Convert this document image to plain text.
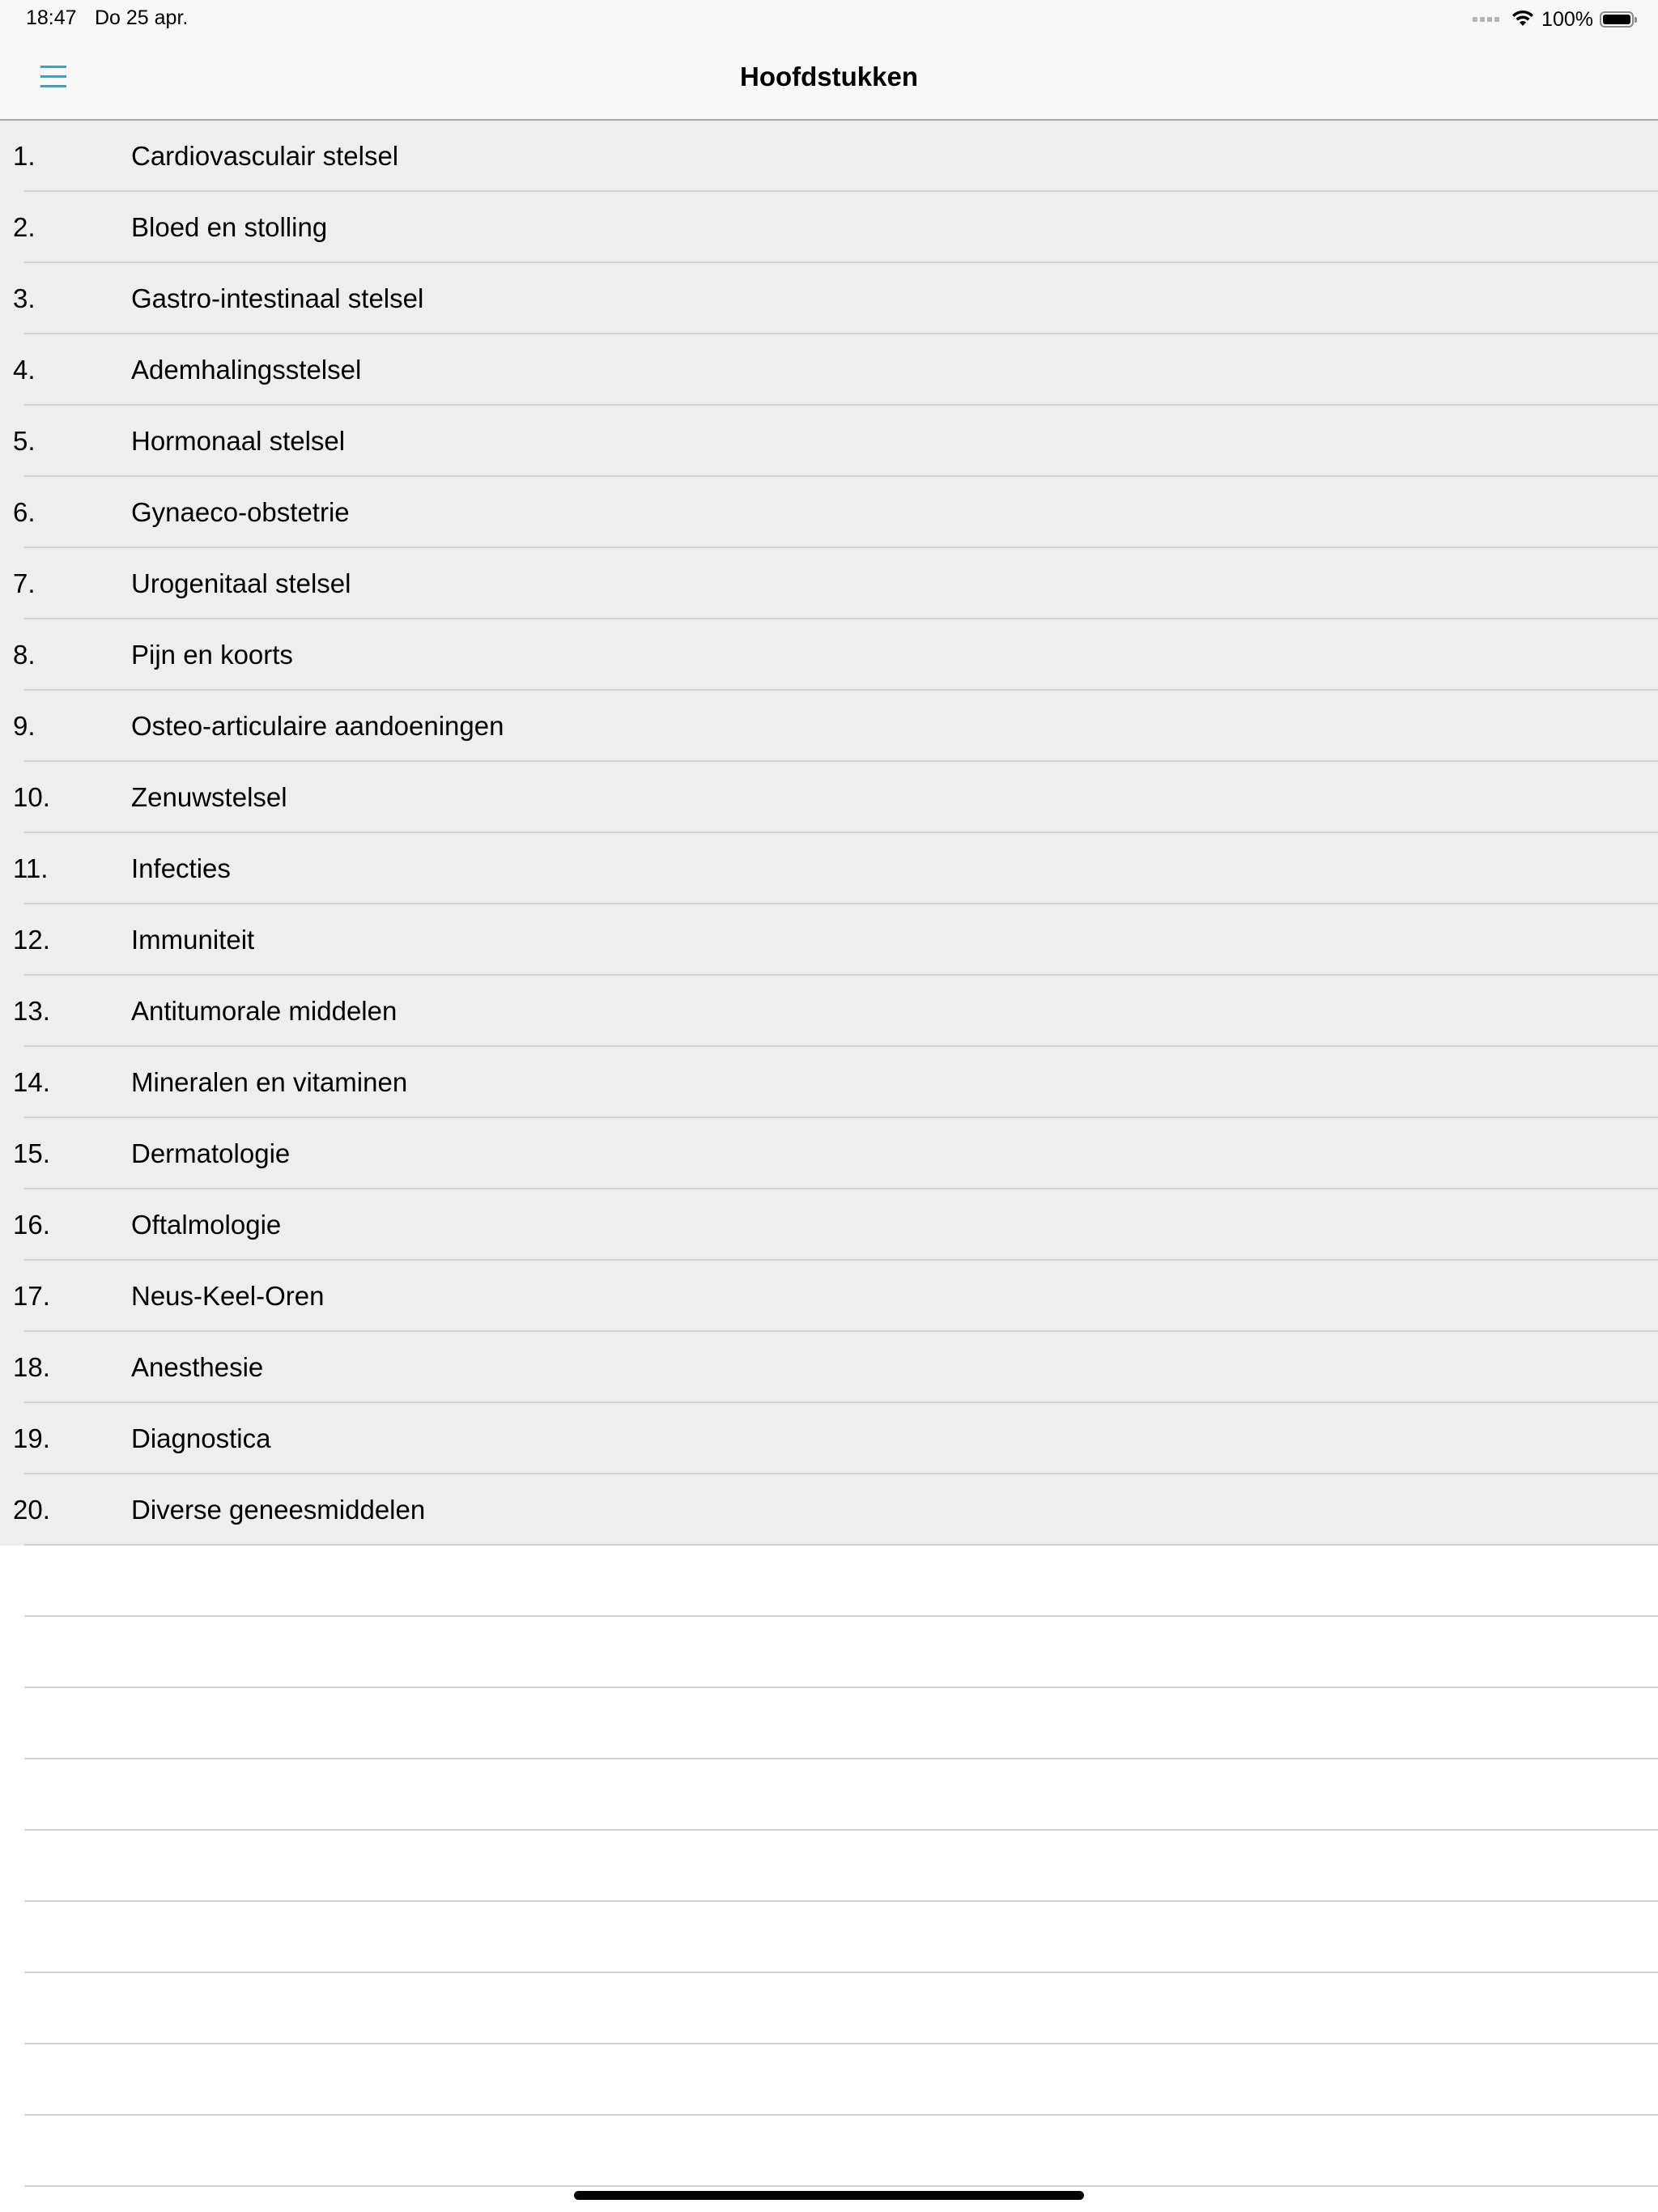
18:47 Do 25 apr.	100%
Hoofdstukken
1.	Cardiovasculair stelsel
2.	Bloed en stolling
3.	Gastro-intestinaal stelsel
4.	Ademhalingsstelsel
5.	Hormonaal stelsel
6.	Gynaeco-obstetrie
7.	Urogenitaal stelsel
8.	Pijn en koorts
9.	Osteo-articulaire aandoeningen
10.	Zenuwstelsel
11.	Infecties
12.	Immuniteit
13.	Antitumorale middelen
14.	Mineralen en vitaminen
15.	Dermatologie
16.	Oftalmologie
17.	Neus-Keel-Oren
18.	Anesthesie
19.	Diagnostica
20.	Diverse geneesmiddelen
